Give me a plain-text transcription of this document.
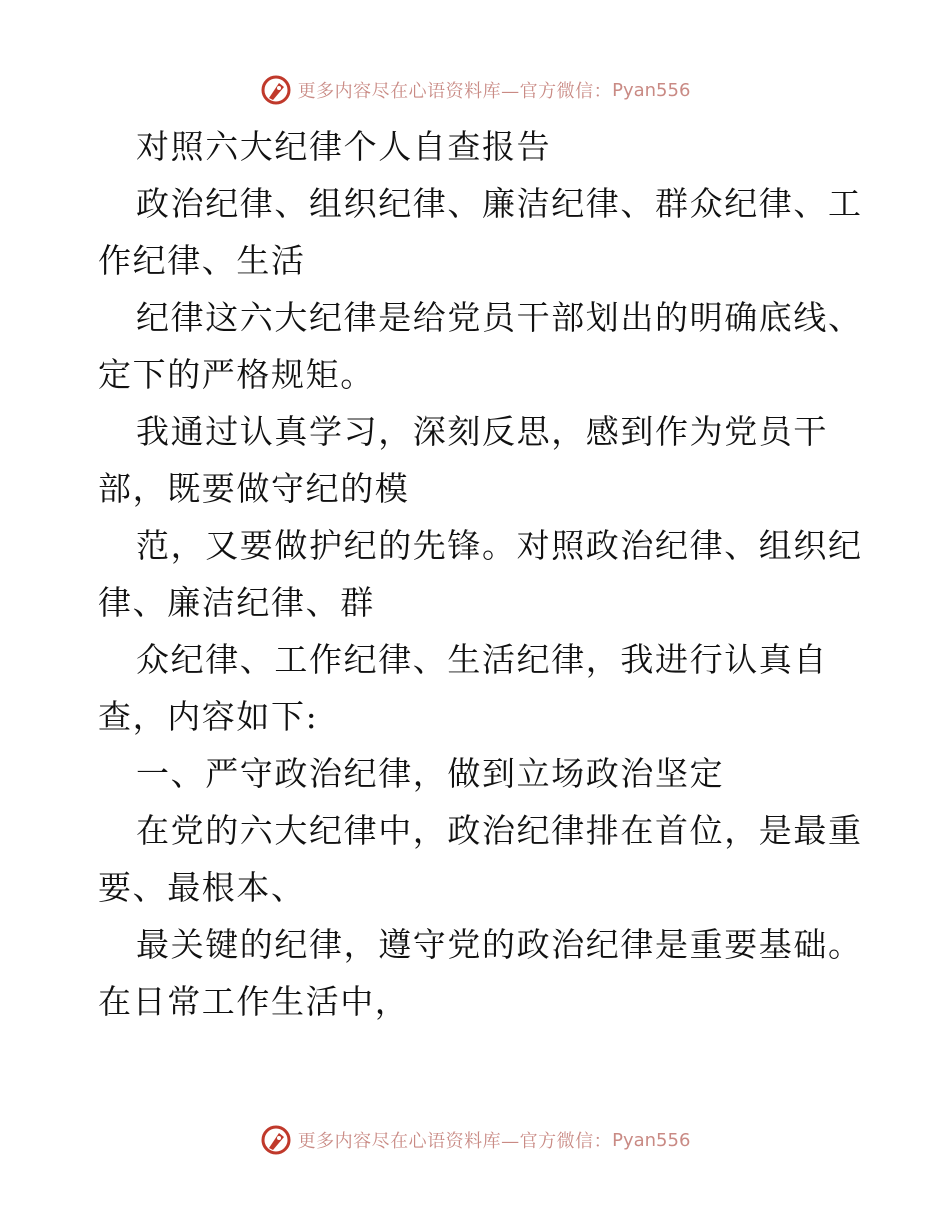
更多内容尽在心语资料库—官方微信： Pyan556
对照六大纪律个人自查报告
政治纪律、组织纪律、廉洁纪律、群众纪律、工
作纪律、生活
纪律这六大纪律是给党员干部划出的明确底线、
定下的严格规矩。
我通过认真学习，深刻反思，感到作为党员干
部，既要做守纪的模
范，又要做护纪的先锋。对照政治纪律、组织纪
律、廉洁纪律、群
众纪律、工作纪律、生活纪律，我进行认真自
查，内容如下:
一、严守政治纪律，做到立场政治坚定
在党的六大纪律中，政治纪律排在首位，是最重
要、最根本、
最关键的纪律，遵守党的政治纪律是重要基础。
在日常工作生活中，
更多内容尽在心语资料库—官方微信： Pyan556
